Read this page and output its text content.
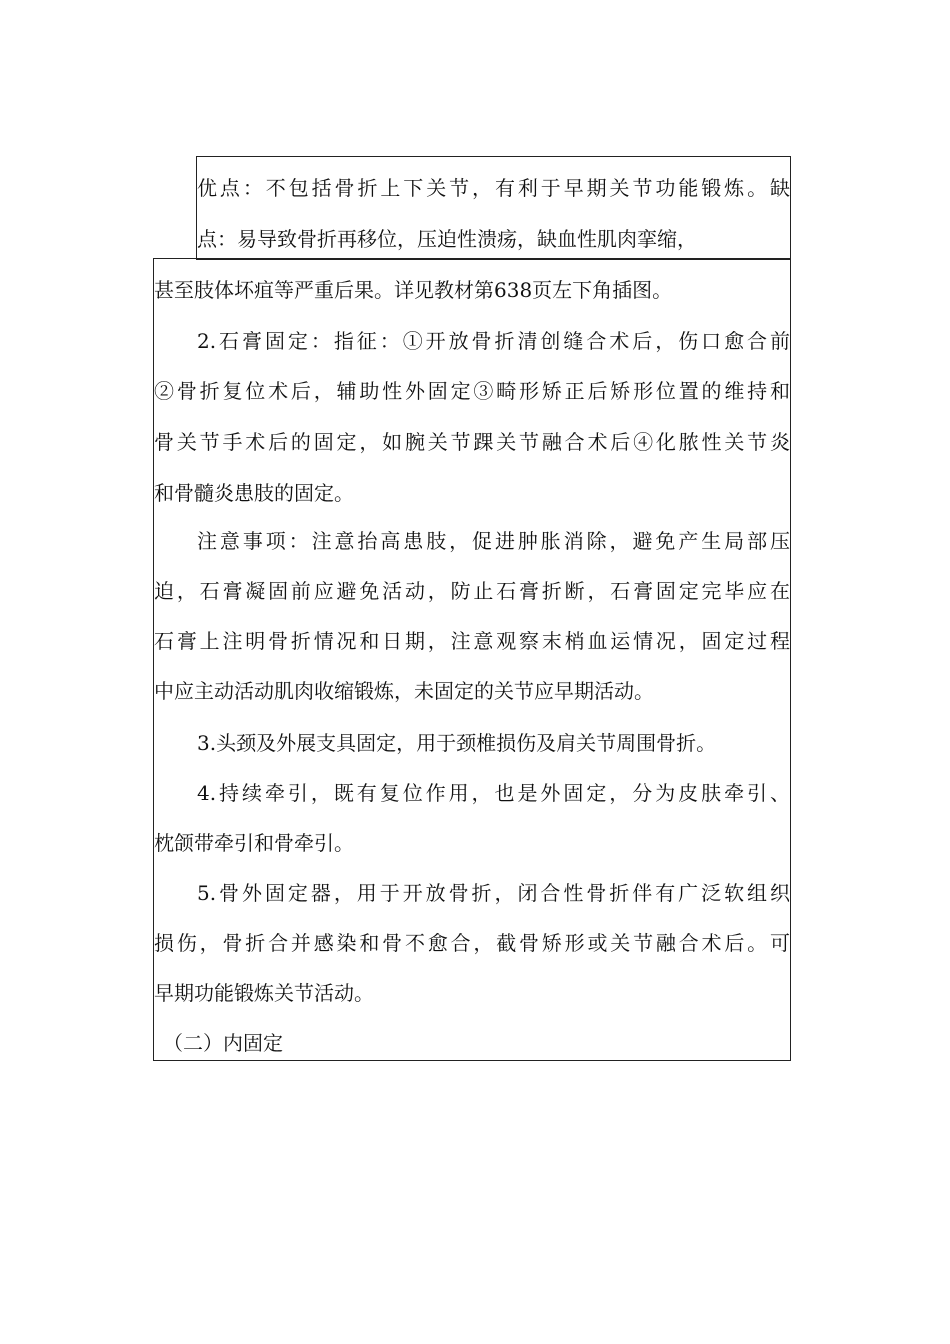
优点：不包括骨折上下关节，有利于早期关节功能锻炼。缺
点：易导致骨折再移位，压迫性溃疡，缺血性肌肉挛缩，
甚至肢体坏疽等严重后果。详见教材第638页左下角插图。
2.石膏固定：指征：①开放骨折清创缝合术后，伤口愈合前
②骨折复位术后，辅助性外固定③畸形矫正后矫形位置的维持和
骨关节手术后的固定，如腕关节踝关节融合术后④化脓性关节炎
和骨髓炎患肢的固定。
注意事项：注意抬高患肢，促进肿胀消除，避免产生局部压
迫，石膏凝固前应避免活动，防止石膏折断，石膏固定完毕应在
石膏上注明骨折情况和日期，注意观察末梢血运情况，固定过程
中应主动活动肌肉收缩锻炼，未固定的关节应早期活动。
3.头颈及外展支具固定，用于颈椎损伤及肩关节周围骨折。
4.持续牵引，既有复位作用，也是外固定，分为皮肤牵引、
枕颌带牵引和骨牵引。
5.骨外固定器，用于开放骨折，闭合性骨折伴有广泛软组织
损伤，骨折合并感染和骨不愈合，截骨矫形或关节融合术后。可
早期功能锻炼关节活动。
（二）内固定
